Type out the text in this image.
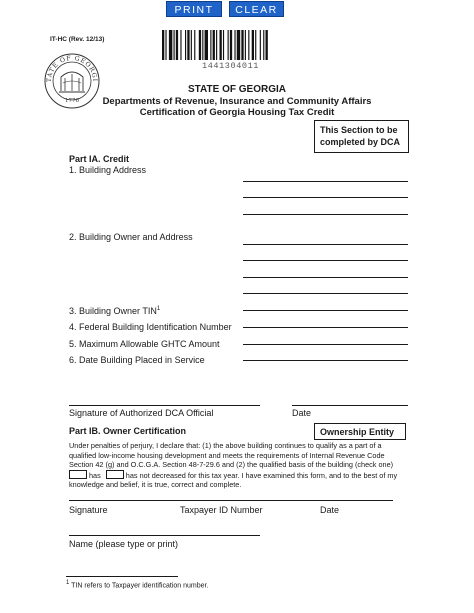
PRINT	CLEAR
IT-HC (Rev. 12/13)
TATE OF GEORGI
1776
1441304011
STATE OF GEORGIA
Departments of Revenue, Insurance and Community Affairs
Certification of Georgia Housing Tax Credit
This Section to be
completed by DCA
Part IA. Credit
1. Building Address
2. Building Owner and Address
3. Building Owner TIN$^1$
4. Federal Building Identification Number
5. Maximum Allowable GHTC Amount
6. Date Building Placed in Service
Signature of Authorized DCA Official	Date
Part IB. Owner Certification	Ownership Entity
Under penalties of perjury, I declare that: (1) the above building continues to qualify as a part of a
qualified low-income housing development and meets the requirements of Internal Revenue Code
Section 42 (g) and O.C.G.A. Section 48-7-29.6 and (2) the qualified basis of the building (check one)
has	has not decreased for this tax year. I have examined this form, and to the best of my
knowledge and belief, it is true, correct and complete.
Signature	Taxpayer ID Number	Date
Name (please type or print)
$^1$ TIN refers to Taxpayer identification number.
